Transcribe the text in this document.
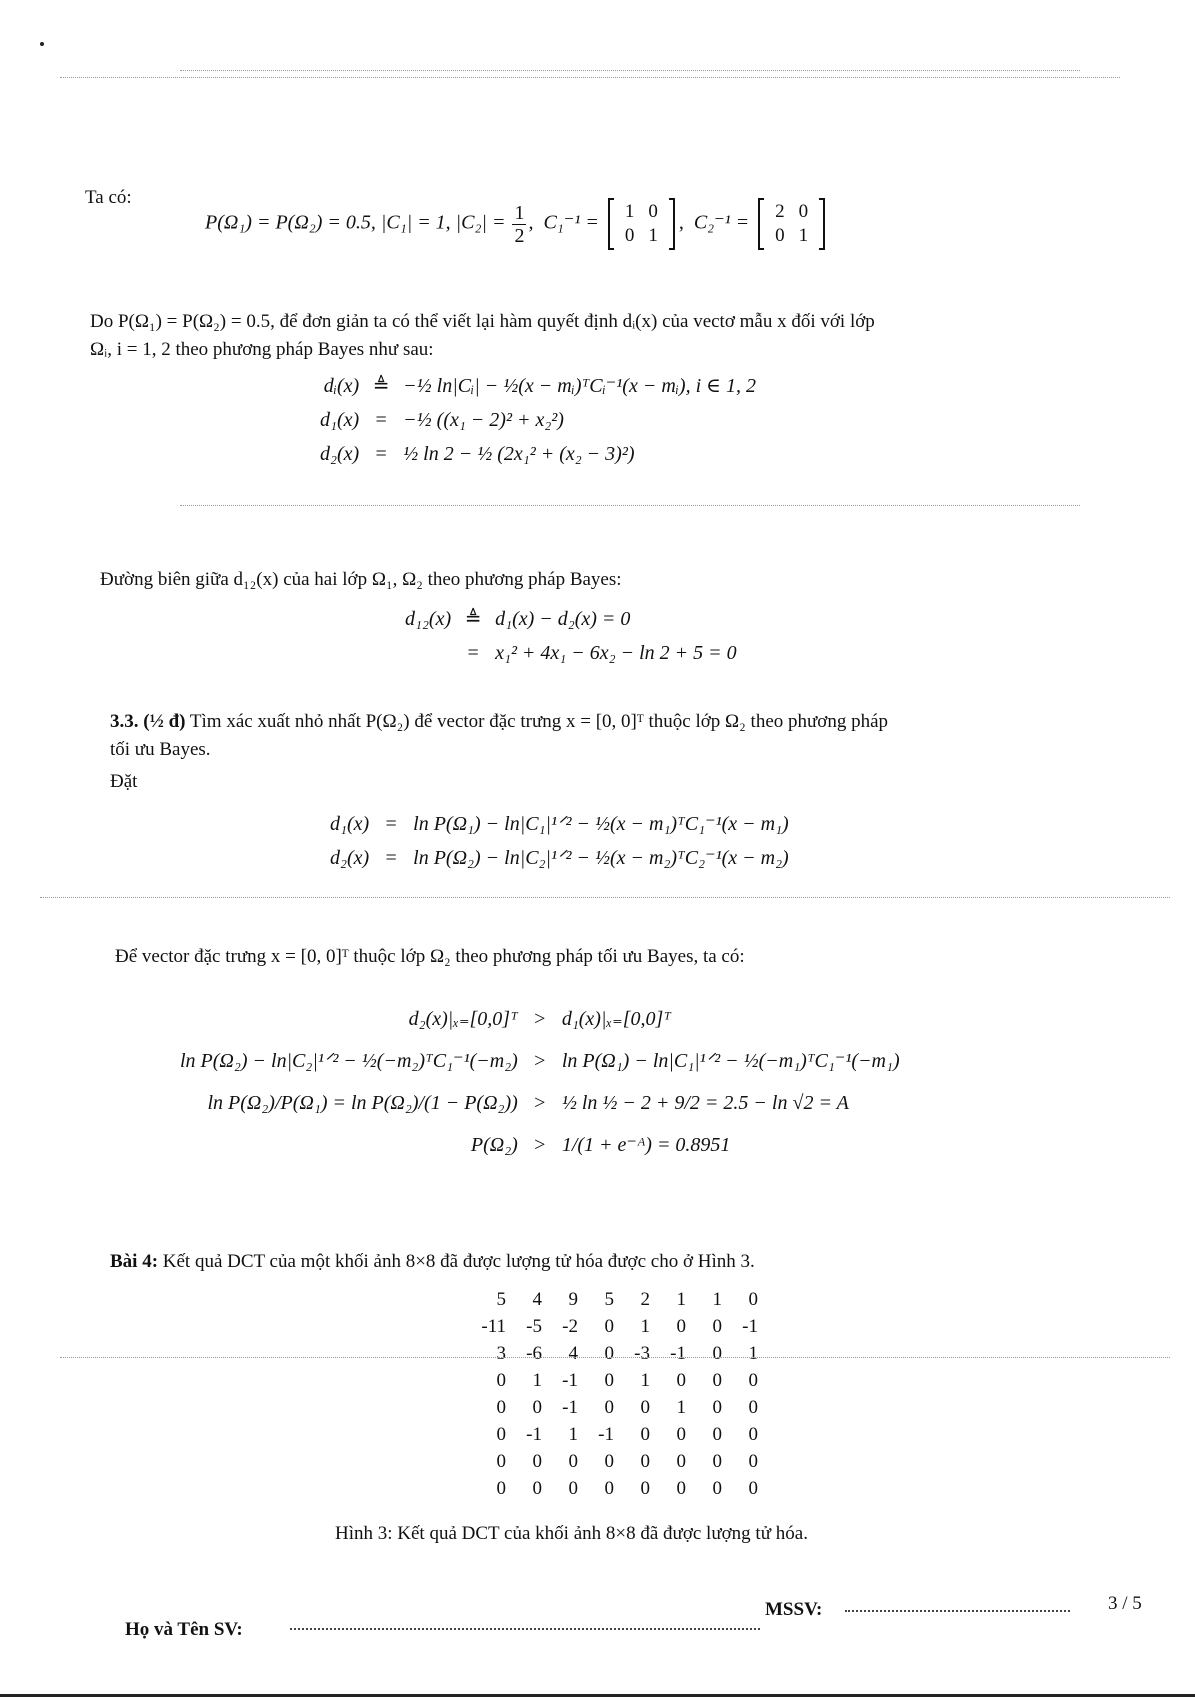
Ta có:
P(Ω₁) = P(Ω₂) = 0.5, |C₁| = 1, $|C_2| = \frac{1}{2}$ ,  C₁⁻¹ =
1	0
0	1
,  C₂⁻¹ =
2	0
0	1
Do P(Ω₁) = P(Ω₂) = 0.5, để đơn giản ta có thể viết lại hàm quyết định dᵢ(x) của vectơ mẫu x đối với lớp
Ωᵢ, i = 1, 2 theo phương pháp Bayes như sau:
dᵢ(x) ≜ −½ ln|Cᵢ| − ½(x − mᵢ)ᵀCᵢ⁻¹(x − mᵢ), i ∈ 1, 2
d₁(x) = −½ ((x₁ − 2)² + x₂²)
d₂(x) = ½ ln 2 − ½ (2x₁² + (x₂ − 3)²)
Đường biên giữa d₁₂(x) của hai lớp Ω₁, Ω₂ theo phương pháp Bayes:
d₁₂(x) ≜ d₁(x) − d₂(x) = 0
= x₁² + 4x₁ − 6x₂ − ln 2 + 5 = 0
3.3. (½ đ) Tìm xác xuất nhỏ nhất P(Ω₂) để vector đặc trưng x = [0, 0]ᵀ thuộc lớp Ω₂ theo phương pháp
tối ưu Bayes.
Đặt
d₁(x) = ln P(Ω₁) − ln|C₁|¹ᐟ² − ½(x − m₁)ᵀC₁⁻¹(x − m₁)
d₂(x) = ln P(Ω₂) − ln|C₂|¹ᐟ² − ½(x − m₂)ᵀC₂⁻¹(x − m₂)
Để vector đặc trưng x = [0, 0]ᵀ thuộc lớp Ω₂ theo phương pháp tối ưu Bayes, ta có:
d₂(x)|ₓ₌[0,0]ᵀ > d₁(x)|ₓ₌[0,0]ᵀ
ln P(Ω₂) − ln|C₂|¹ᐟ² − ½(−m₂)ᵀC₁⁻¹(−m₂) > ln P(Ω₁) − ln|C₁|¹ᐟ² − ½(−m₁)ᵀC₁⁻¹(−m₁)
ln P(Ω₂)/P(Ω₁) = ln P(Ω₂)/(1 − P(Ω₂)) > ½ ln ½ − 2 + 9/2 = 2.5 − ln √2 = A
P(Ω₂) > 1/(1 + e⁻ᴬ) = 0.8951
Bài 4: Kết quả DCT của một khối ảnh 8×8 đã được lượng tử hóa được cho ở Hình 3.
5	4	9	5	2	1	1	0
-11	-5	-2	0	1	0	0	-1
3	-6	4	0	-3	-1	0	1
0	1	-1	0	1	0	0	0
0	0	-1	0	0	1	0	0
0	-1	1	-1	0	0	0	0
0	0	0	0	0	0	0	0
0	0	0	0	0	0	0	0
Hình 3: Kết quả DCT của khối ảnh 8×8 đã được lượng tử hóa.
Họ và Tên SV:
MSSV:	3 / 5
